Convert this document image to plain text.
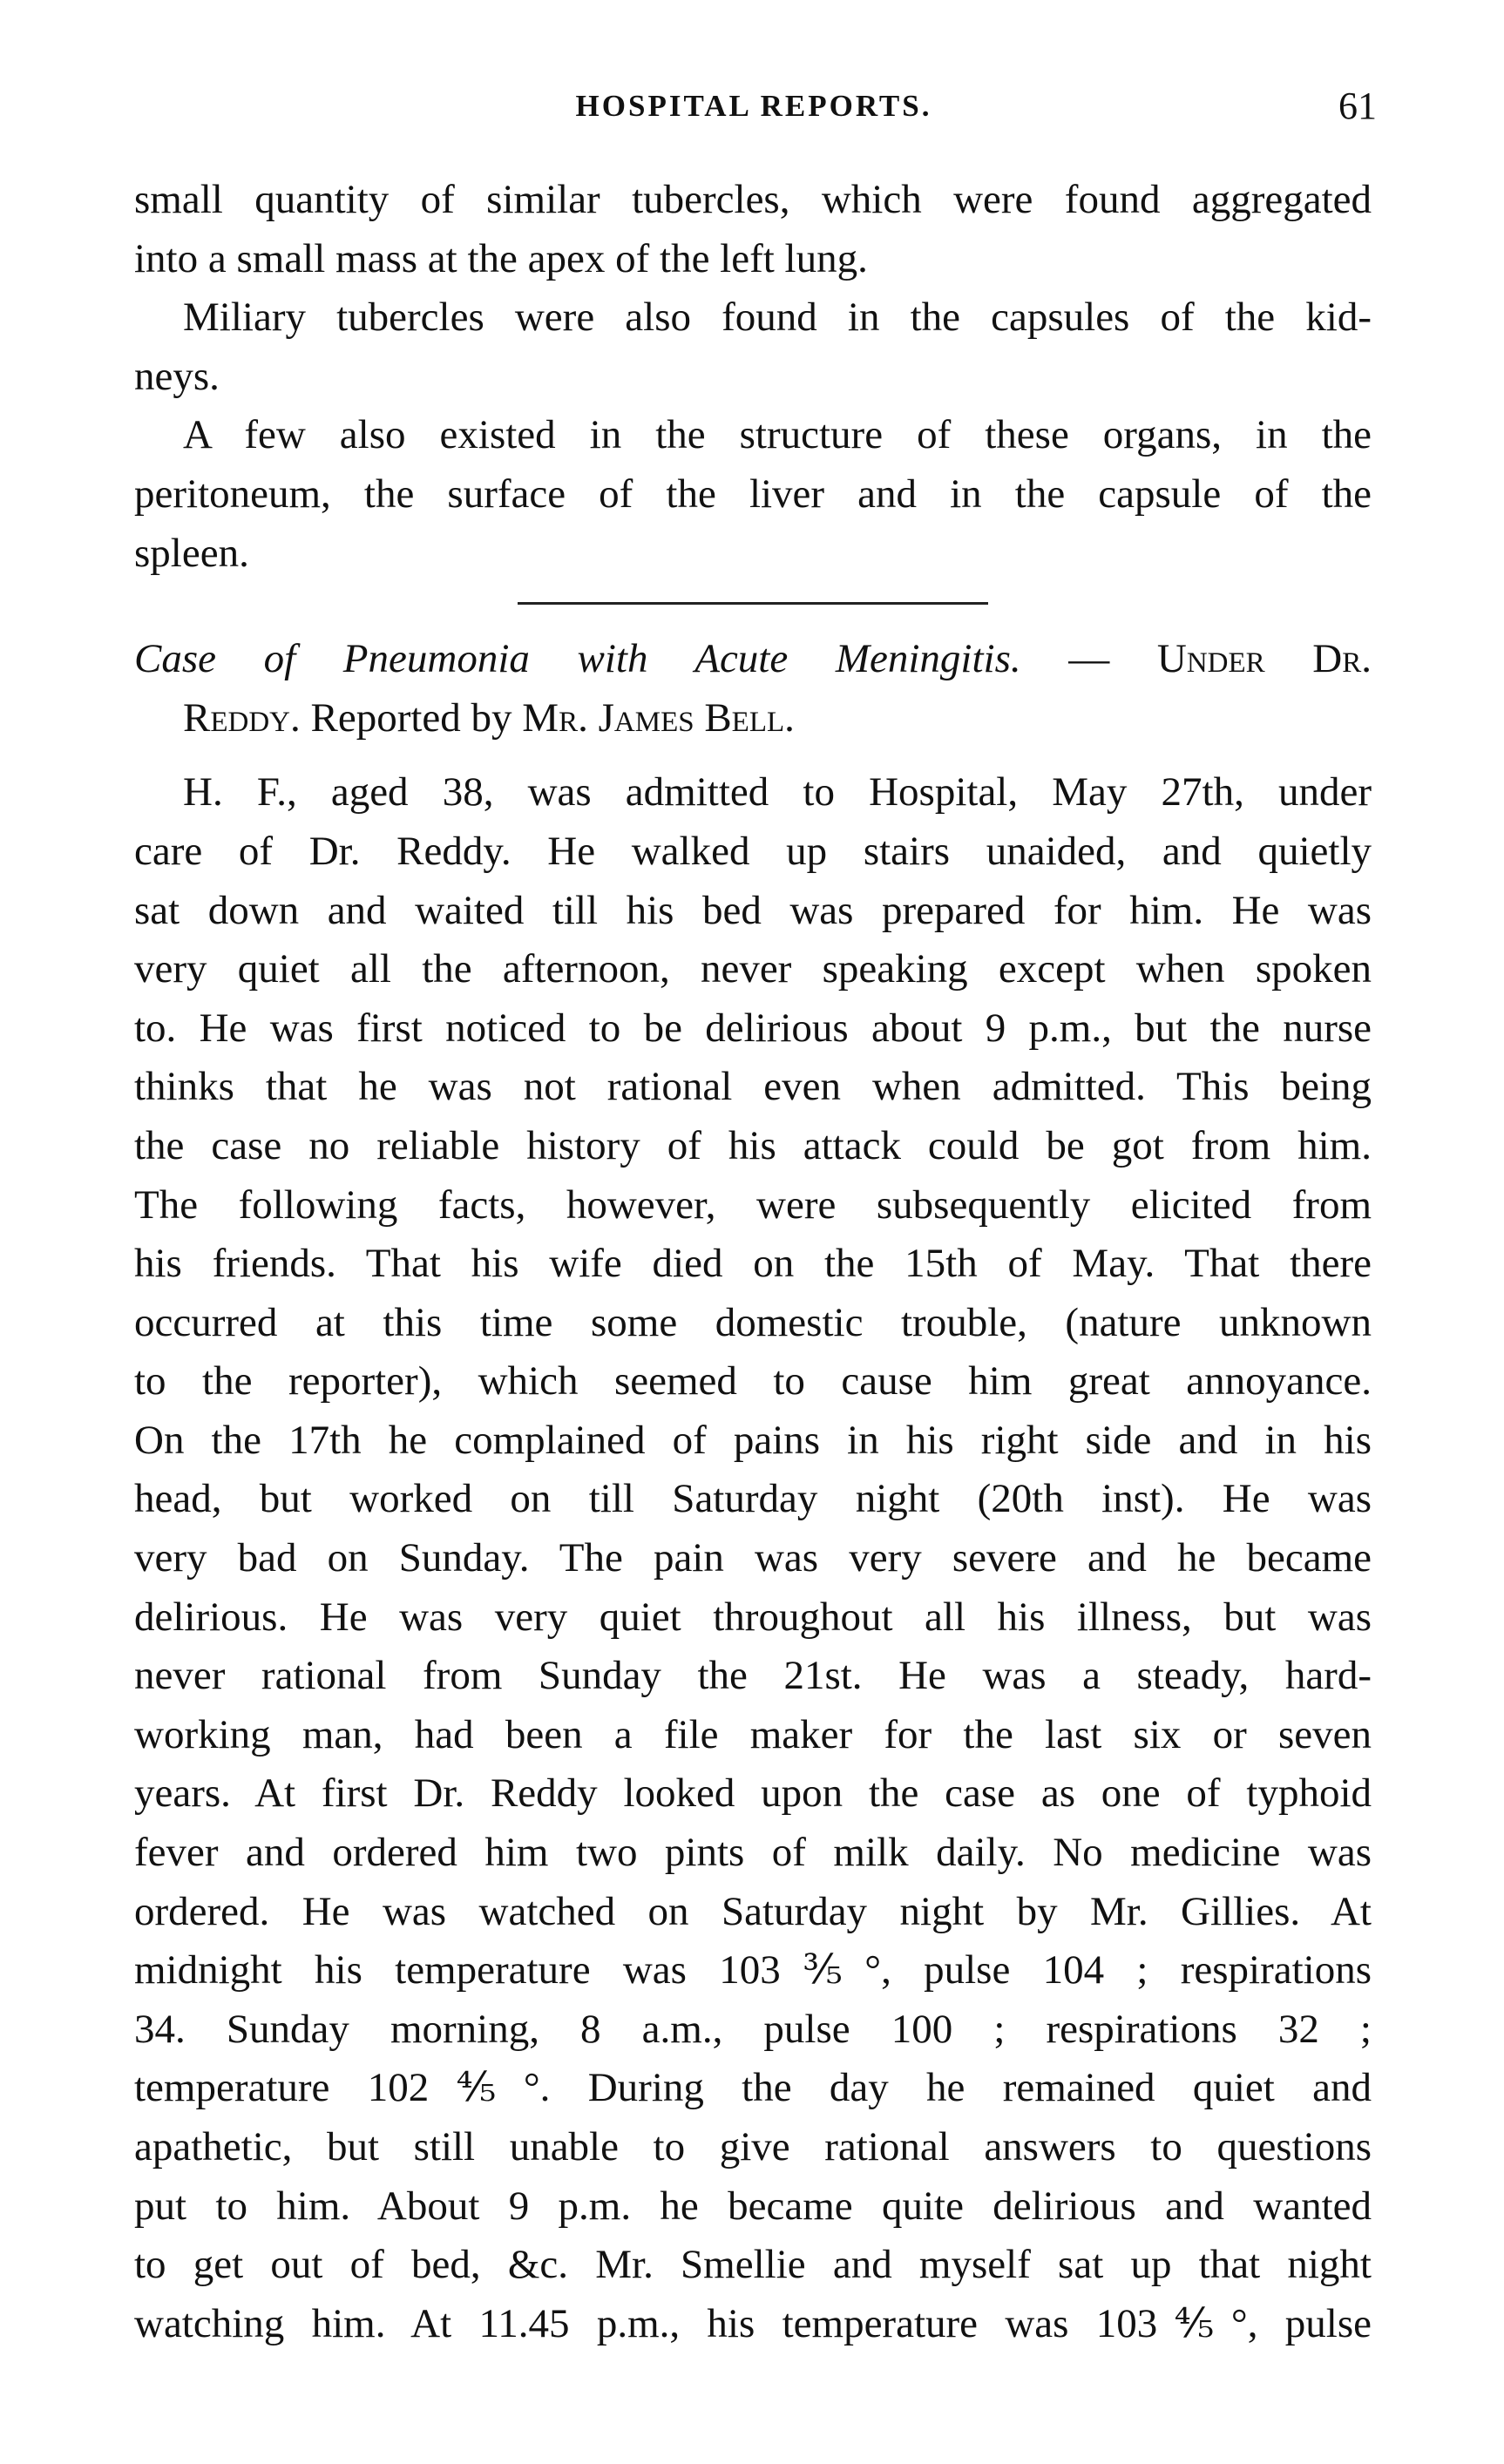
HOSPITAL REPORTS.	61
small quantity of similar tubercles, which were found aggregated
into a small mass at the apex of the left lung.
Miliary tubercles were also found in the capsules of the kid-
neys.
A few also existed in the structure of these organs, in the
peritoneum, the surface of the liver and in the capsule of the
spleen.
Case of Pneumonia with Acute Meningitis. — Under Dr.
Reddy. Reported by Mr. James Bell.
H. F., aged 38, was admitted to Hospital, May 27th, under
care of Dr. Reddy. He walked up stairs unaided, and quietly
sat down and waited till his bed was prepared for him. He was
very quiet all the afternoon, never speaking except when spoken
to. He was first noticed to be delirious about 9 p.m., but the nurse
thinks that he was not rational even when admitted. This being
the case no reliable history of his attack could be got from him.
The following facts, however, were subsequently elicited from
his friends. That his wife died on the 15th of May. That there
occurred at this time some domestic trouble, (nature unknown
to the reporter), which seemed to cause him great annoyance.
On the 17th he complained of pains in his right side and in his
head, but worked on till Saturday night (20th inst). He was
very bad on Sunday. The pain was very severe and he became
delirious. He was very quiet throughout all his illness, but was
never rational from Sunday the 21st. He was a steady, hard-
working man, had been a file maker for the last six or seven
years. At first Dr. Reddy looked upon the case as one of typhoid
fever and ordered him two pints of milk daily. No medicine was
ordered. He was watched on Saturday night by Mr. Gillies. At
midnight his temperature was 103⅗°, pulse 104 ; respirations
34. Sunday morning, 8 a.m., pulse 100 ; respirations 32 ;
temperature 102⅘°. During the day he remained quiet and
apathetic, but still unable to give rational answers to questions
put to him. About 9 p.m. he became quite delirious and wanted
to get out of bed, &c. Mr. Smellie and myself sat up that night
watching him. At 11.45 p.m., his temperature was 103⅘°, pulse
